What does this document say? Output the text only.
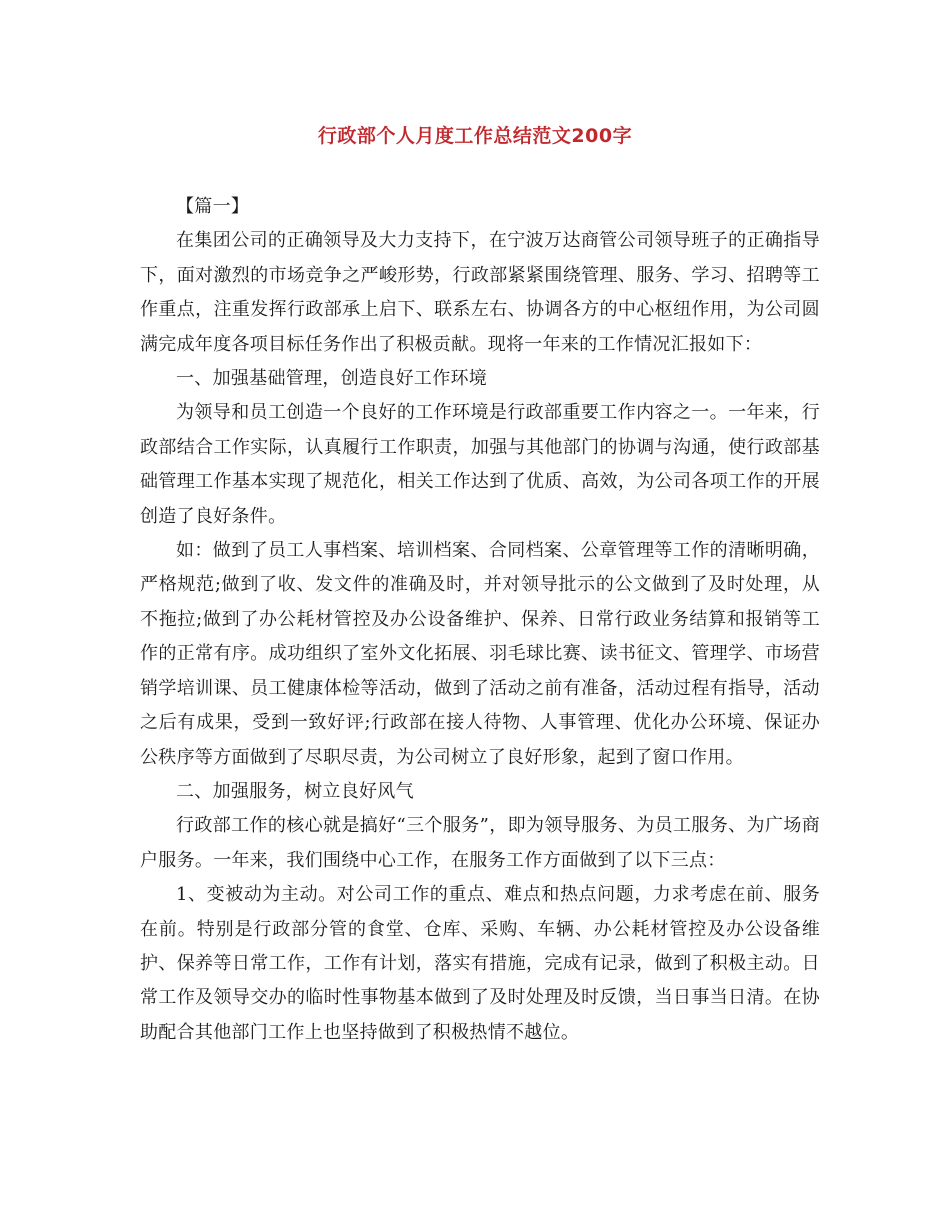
行政部个人月度工作总结范文200字

【篇一】

在集团公司的正确领导及大力支持下，在宁波万达商管公司领导班子的正确指导下，面对激烈的市场竞争之严峻形势，行政部紧紧围绕管理、服务、学习、招聘等工作重点，注重发挥行政部承上启下、联系左右、协调各方的中心枢纽作用，为公司圆满完成年度各项目标任务作出了积极贡献。现将一年来的工作情况汇报如下：

一、加强基础管理，创造良好工作环境

为领导和员工创造一个良好的工作环境是行政部重要工作内容之一。一年来，行政部结合工作实际，认真履行工作职责，加强与其他部门的协调与沟通，使行政部基础管理工作基本实现了规范化，相关工作达到了优质、高效，为公司各项工作的开展创造了良好条件。

如：做到了员工人事档案、培训档案、合同档案、公章管理等工作的清晰明确，严格规范;做到了收、发文件的准确及时，并对领导批示的公文做到了及时处理，从不拖拉;做到了办公耗材管控及办公设备维护、保养、日常行政业务结算和报销等工作的正常有序。成功组织了室外文化拓展、羽毛球比赛、读书征文、管理学、市场营销学培训课、员工健康体检等活动，做到了活动之前有准备，活动过程有指导，活动之后有成果，受到一致好评;行政部在接人待物、人事管理、优化办公环境、保证办公秩序等方面做到了尽职尽责，为公司树立了良好形象，起到了窗口作用。

二、加强服务，树立良好风气

行政部工作的核心就是搞好“三个服务”，即为领导服务、为员工服务、为广场商户服务。一年来，我们围绕中心工作，在服务工作方面做到了以下三点：

1、变被动为主动。对公司工作的重点、难点和热点问题，力求考虑在前、服务在前。特别是行政部分管的食堂、仓库、采购、车辆、办公耗材管控及办公设备维护、保养等日常工作，工作有计划，落实有措施，完成有记录，做到了积极主动。日常工作及领导交办的临时性事物基本做到了及时处理及时反馈，当日事当日清。在协助配合其他部门工作上也坚持做到了积极热情不越位。
